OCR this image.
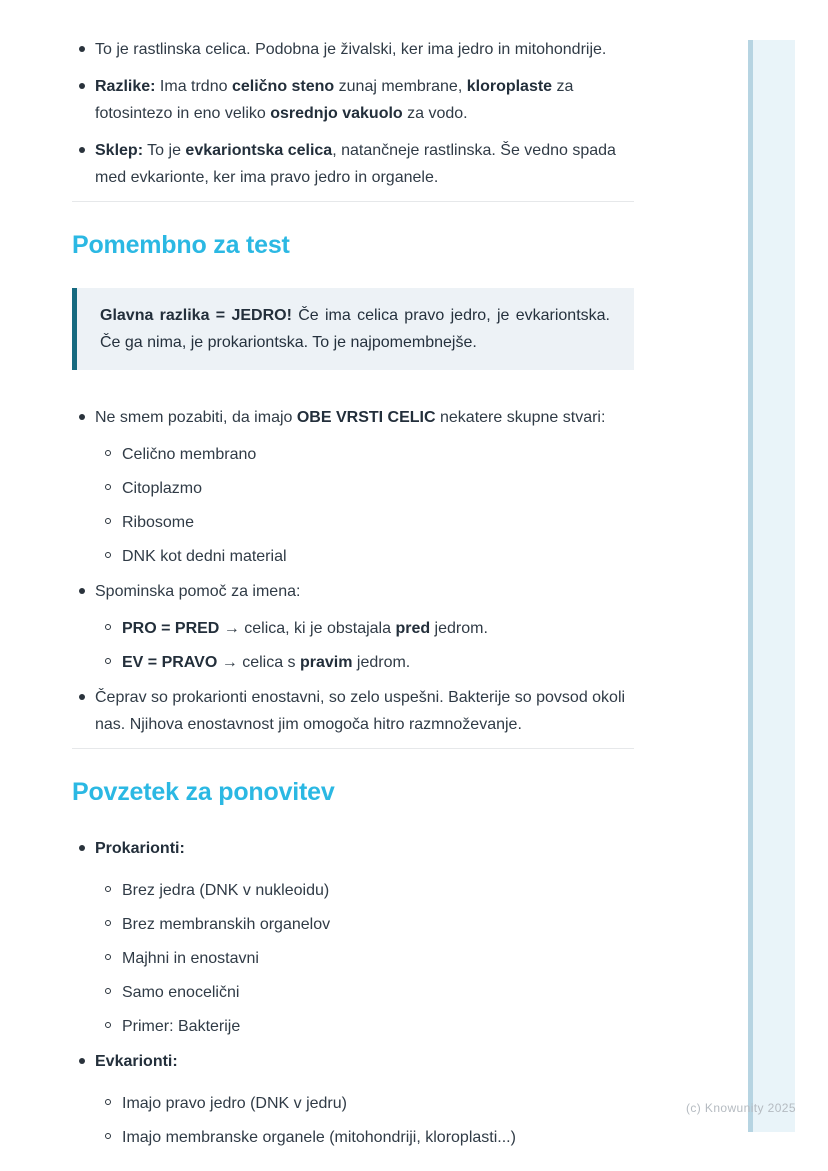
To je rastlinska celica. Podobna je živalski, ker ima jedro in mitohondrije.
Razlike: Ima trdno celično steno zunaj membrane, kloroplaste za fotosintezo in eno veliko osrednjo vakuolo za vodo.
Sklep: To je evkariontska celica, natančneje rastlinska. Še vedno spada med evkarionte, ker ima pravo jedro in organele.
Pomembno za test
Glavna razlika = JEDRO! Če ima celica pravo jedro, je evkariontska. Če ga nima, je prokariontska. To je najpomembnejše.
Ne smem pozabiti, da imajo OBE VRSTI CELIC nekatere skupne stvari:
Celično membrano
Citoplazmo
Ribosome
DNK kot dedni material
Spominska pomoč za imena:
PRO = PRED → celica, ki je obstajala pred jedrom.
EV = PRAVO → celica s pravim jedrom.
Čeprav so prokarionti enostavni, so zelo uspešni. Bakterije so povsod okoli nas. Njihova enostavnost jim omogoča hitro razmnoževanje.
Povzetek za ponovitev
Prokarionti:
Brez jedra (DNK v nukleoidu)
Brez membranskih organelov
Majhni in enostavni
Samo enocelični
Primer: Bakterije
Evkarionti:
Imajo pravo jedro (DNK v jedru)
Imajo membranske organele (mitohondriji, kloroplasti...)
(c) Knowunity 2025
